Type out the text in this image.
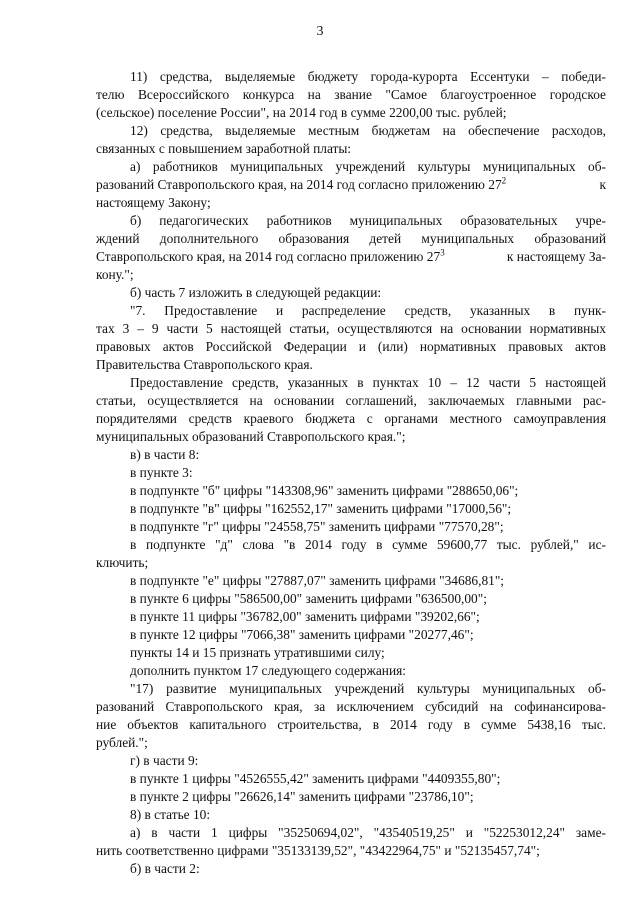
3
11) средства, выделяемые бюджету города-курорта Ессентуки – победи-
телю Всероссийского конкурса на звание "Самое благоустроенное городское
(сельское) поселение России", на 2014 год в сумме 2200,00 тыс. рублей;
12) средства, выделяемые местным бюджетам на обеспечение расходов,
связанных с повышением заработной платы:
а) работников муниципальных учреждений культуры муниципальных об-
разований Ставропольского края, на 2014 год согласно приложению $27^2$	к
настоящему Закону;
б) педагогических работников муниципальных образовательных учре-
ждений дополнительного образования детей муниципальных образований
Ставропольского края, на 2014 год согласно приложению $27^3$	к настоящему За-
кону.";
б) часть 7 изложить в следующей редакции:
"7. Предоставление и распределение средств, указанных в пунк-
тах 3 – 9 части 5 настоящей статьи, осуществляются на основании нормативных
правовых актов Российской Федерации и (или) нормативных правовых актов
Правительства Ставропольского края.
Предоставление средств, указанных в пунктах 10 – 12 части 5 настоящей
статьи, осуществляется на основании соглашений, заключаемых главными рас-
порядителями средств краевого бюджета с органами местного самоуправления
муниципальных образований Ставропольского края.";
в) в части 8:
в пункте 3:
в подпункте "б" цифры "143308,96" заменить цифрами "288650,06";
в подпункте "в" цифры "162552,17" заменить цифрами "17000,56";
в подпункте "г" цифры "24558,75" заменить цифрами "77570,28";
в подпункте "д" слова "в 2014 году в сумме 59600,77 тыс. рублей," ис-
ключить;
в подпункте "е" цифры "27887,07" заменить цифрами "34686,81";
в пункте 6 цифры "586500,00" заменить цифрами "636500,00";
в пункте 11 цифры "36782,00" заменить цифрами "39202,66";
в пункте 12 цифры "7066,38" заменить цифрами "20277,46";
пункты 14 и 15 признать утратившими силу;
дополнить пунктом 17 следующего содержания:
"17) развитие муниципальных учреждений культуры муниципальных об-
разований Ставропольского края, за исключением субсидий на софинансирова-
ние объектов капитального строительства, в 2014 году в сумме 5438,16 тыс.
рублей.";
г) в части 9:
в пункте 1 цифры "4526555,42" заменить цифрами "4409355,80";
в пункте 2 цифры "26626,14" заменить цифрами "23786,10";
8) в статье 10:
а) в части 1 цифры "35250694,02", "43540519,25" и "52253012,24" заме-
нить соответственно цифрами "35133139,52", "43422964,75" и "52135457,74";
б) в части 2:
